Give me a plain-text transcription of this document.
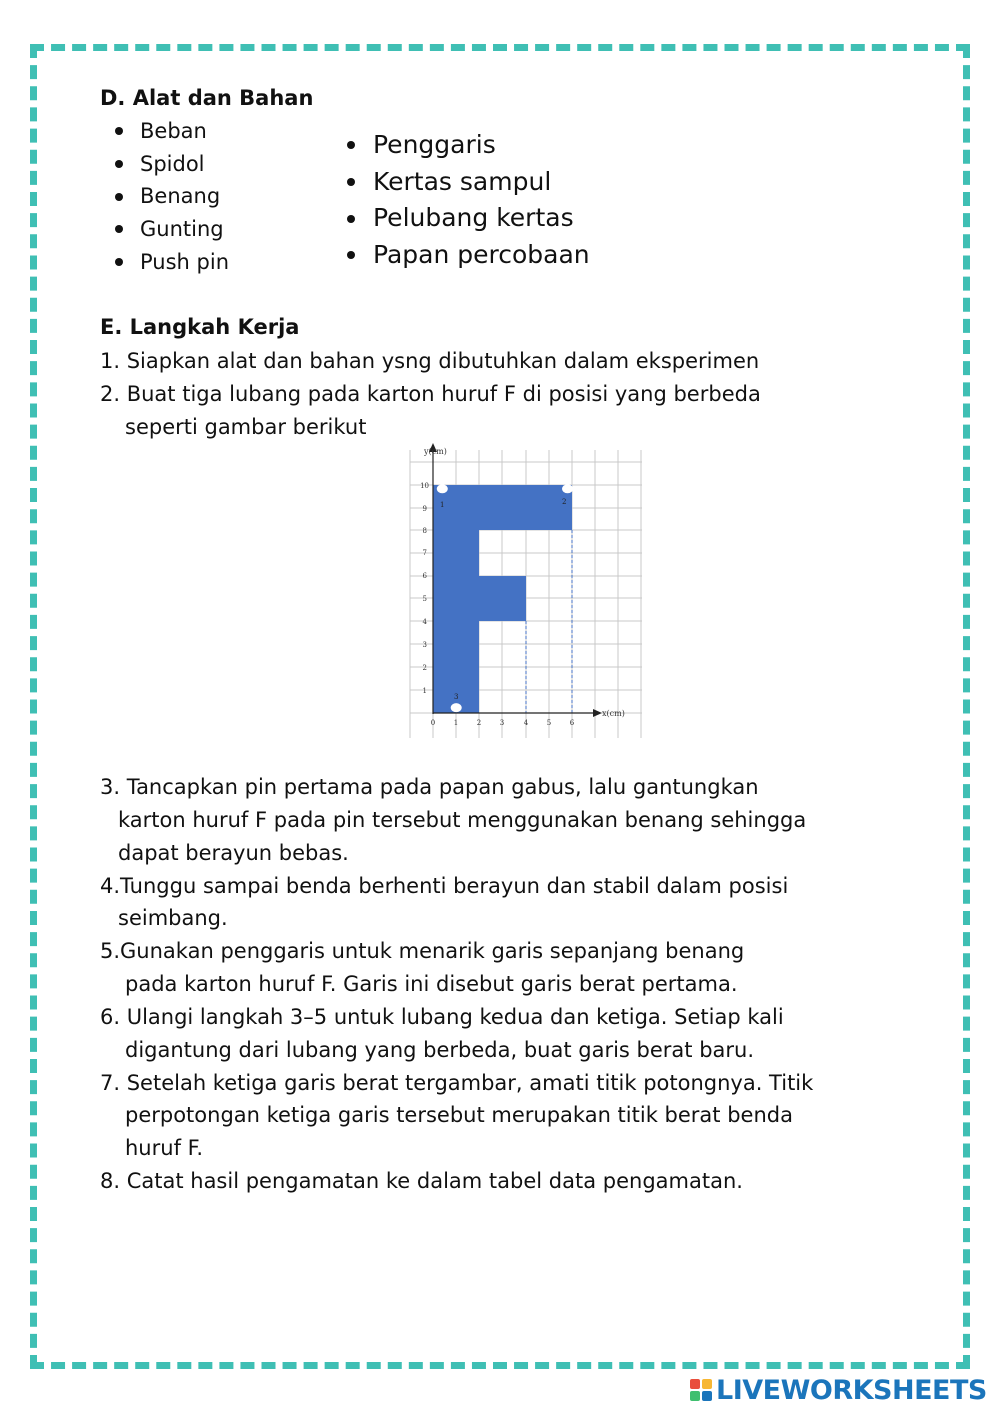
D. Alat dan Bahan
Beban
Spidol
Benang
Gunting
Push pin
Penggaris
Kertas sampul
Pelubang kertas
Papan percobaan
E. Langkah Kerja
1. Siapkan alat dan bahan ysng dibutuhkan dalam eksperimen
2. Buat tiga lubang pada karton huruf F di posisi yang berbeda
seperti gambar berikut
y(cm)
x(cm)
0	1	2	3	4	5	6
1
2
3
4
5
6
7
8
9
10
1	2
3
3. Tancapkan pin pertama pada papan gabus, lalu gantungkan
karton huruf F pada pin tersebut menggunakan benang sehingga
dapat berayun bebas.
4.Tunggu sampai benda berhenti berayun dan stabil dalam posisi
seimbang.
5.Gunakan penggaris untuk menarik garis sepanjang benang
pada karton huruf F. Garis ini disebut garis berat pertama.
6. Ulangi langkah 3–5 untuk lubang kedua dan ketiga. Setiap kali
digantung dari lubang yang berbeda, buat garis berat baru.
7. Setelah ketiga garis berat tergambar, amati titik potongnya. Titik
perpotongan ketiga garis tersebut merupakan titik berat benda
huruf F.
8. Catat hasil pengamatan ke dalam tabel data pengamatan.
LIVEWORKSHEETS
